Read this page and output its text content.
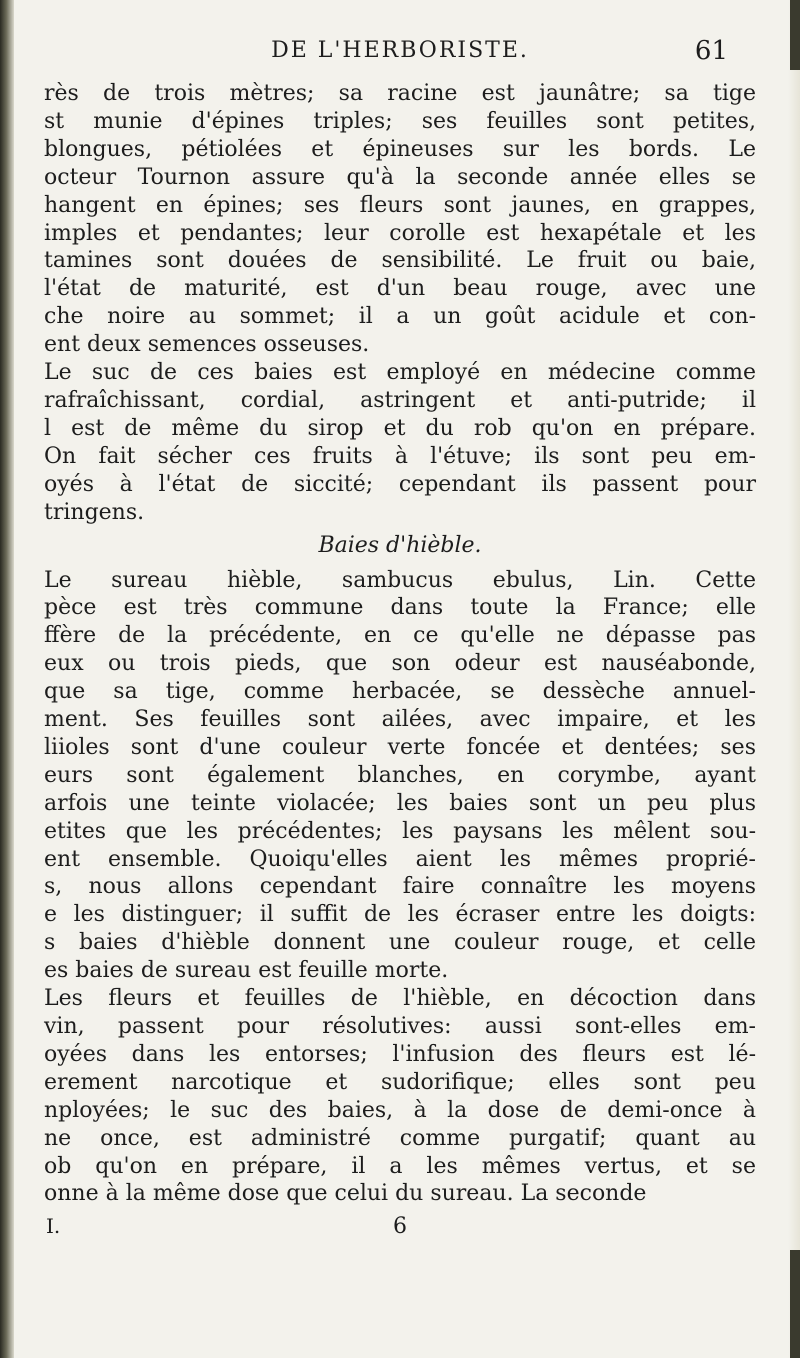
DE L'HERBORISTE.	61
rès de trois mètres; sa racine est jaunâtre; sa tige
st munie d'épines triples; ses feuilles sont petites,
blongues, pétiolées et épineuses sur les bords. Le
octeur Tournon assure qu'à la seconde année elles se
hangent en épines; ses fleurs sont jaunes, en grappes,
imples et pendantes; leur corolle est hexapétale et les
tamines sont douées de sensibilité. Le fruit ou baie,
l'état de maturité, est d'un beau rouge, avec une
che noire au sommet; il a un goût acidule et con-
ent deux semences osseuses.
Le suc de ces baies est employé en médecine comme
rafraîchissant, cordial, astringent et anti-putride; il
l est de même du sirop et du rob qu'on en prépare.
On fait sécher ces fruits à l'étuve; ils sont peu em-
oyés à l'état de siccité; cependant ils passent pour
tringens.
Baies d'hièble.
Le sureau hièble, sambucus ebulus, Lin. Cette
pèce est très commune dans toute la France; elle
ffère de la précédente, en ce qu'elle ne dépasse pas
eux ou trois pieds, que son odeur est nauséabonde,
que sa tige, comme herbacée, se dessèche annuel-
ment. Ses feuilles sont ailées, avec impaire, et les
liioles sont d'une couleur verte foncée et dentées; ses
eurs sont également blanches, en corymbe, ayant
arfois une teinte violacée; les baies sont un peu plus
etites que les précédentes; les paysans les mêlent sou-
ent ensemble. Quoiqu'elles aient les mêmes proprié-
s, nous allons cependant faire connaître les moyens
e les distinguer; il suffit de les écraser entre les doigts:
s baies d'hièble donnent une couleur rouge, et celle
es baies de sureau est feuille morte.
Les fleurs et feuilles de l'hièble, en décoction dans
vin, passent pour résolutives: aussi sont-elles em-
oyées dans les entorses; l'infusion des fleurs est lé-
erement narcotique et sudorifique; elles sont peu
nployées; le suc des baies, à la dose de demi-once à
ne once, est administré comme purgatif; quant au
ob qu'on en prépare, il a les mêmes vertus, et se
onne à la même dose que celui du sureau. La seconde
I.	6
